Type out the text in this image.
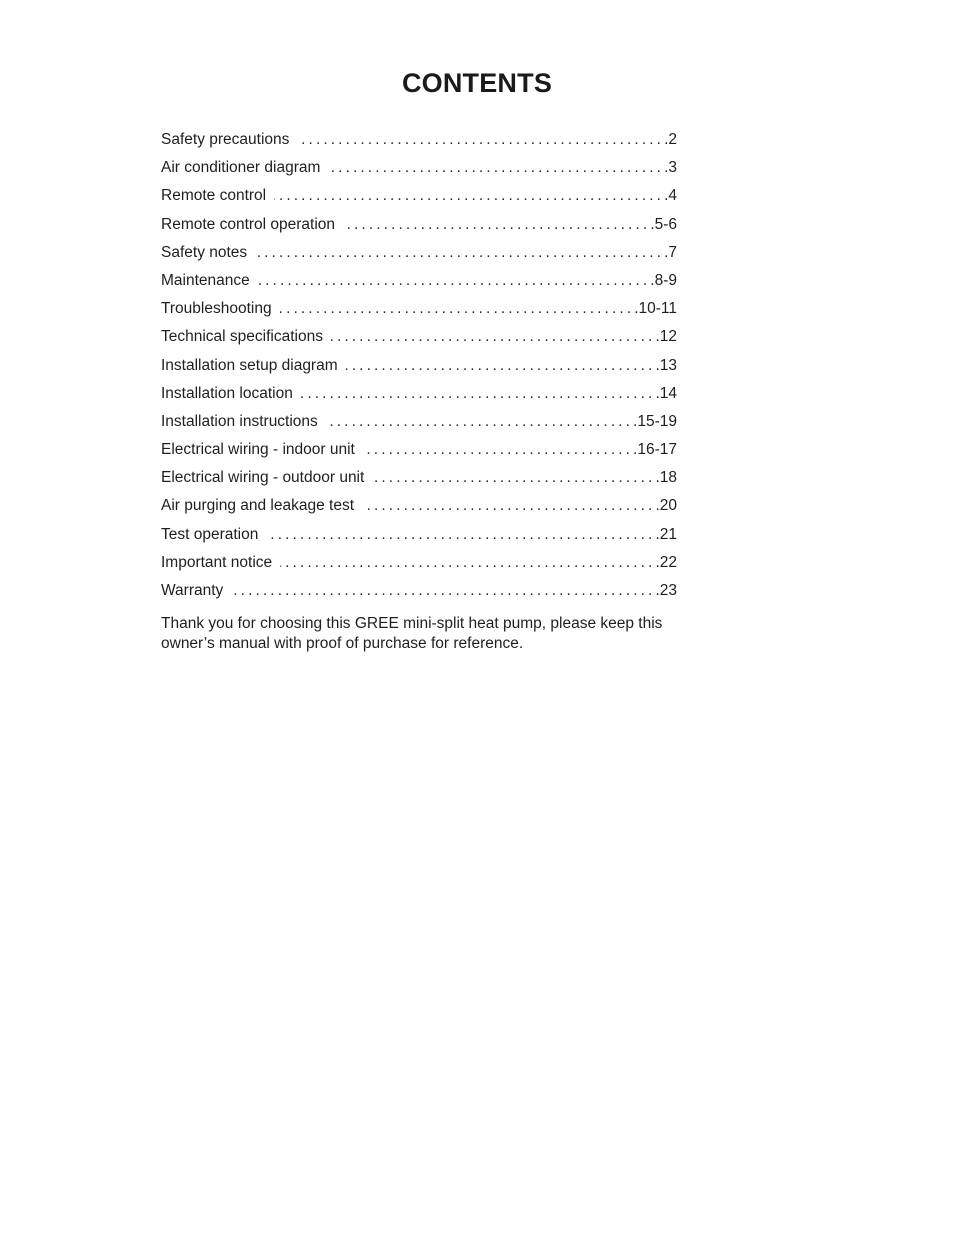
CONTENTS
Safety precautions .....	.2
Air conditioner diagram .....	.3
Remote control .....	.4
Remote control operation .....	.5-6
Safety notes .....	.7
Maintenance .....	.8-9
Troubleshooting .....	.10-11
Technical specifications .....	.12
Installation setup diagram .....	.13
Installation location .....	.14
Installation instructions .....	.15-19
Electrical wiring - indoor unit .....	.16-17
Electrical wiring - outdoor unit .....	.18
Air purging and leakage test .....	.20
Test operation .....	.21
Important notice .....	.22
Warranty .....	.23

Thank you for choosing this GREE mini-split heat pump, please keep this
owner’s manual with proof of purchase for reference.
